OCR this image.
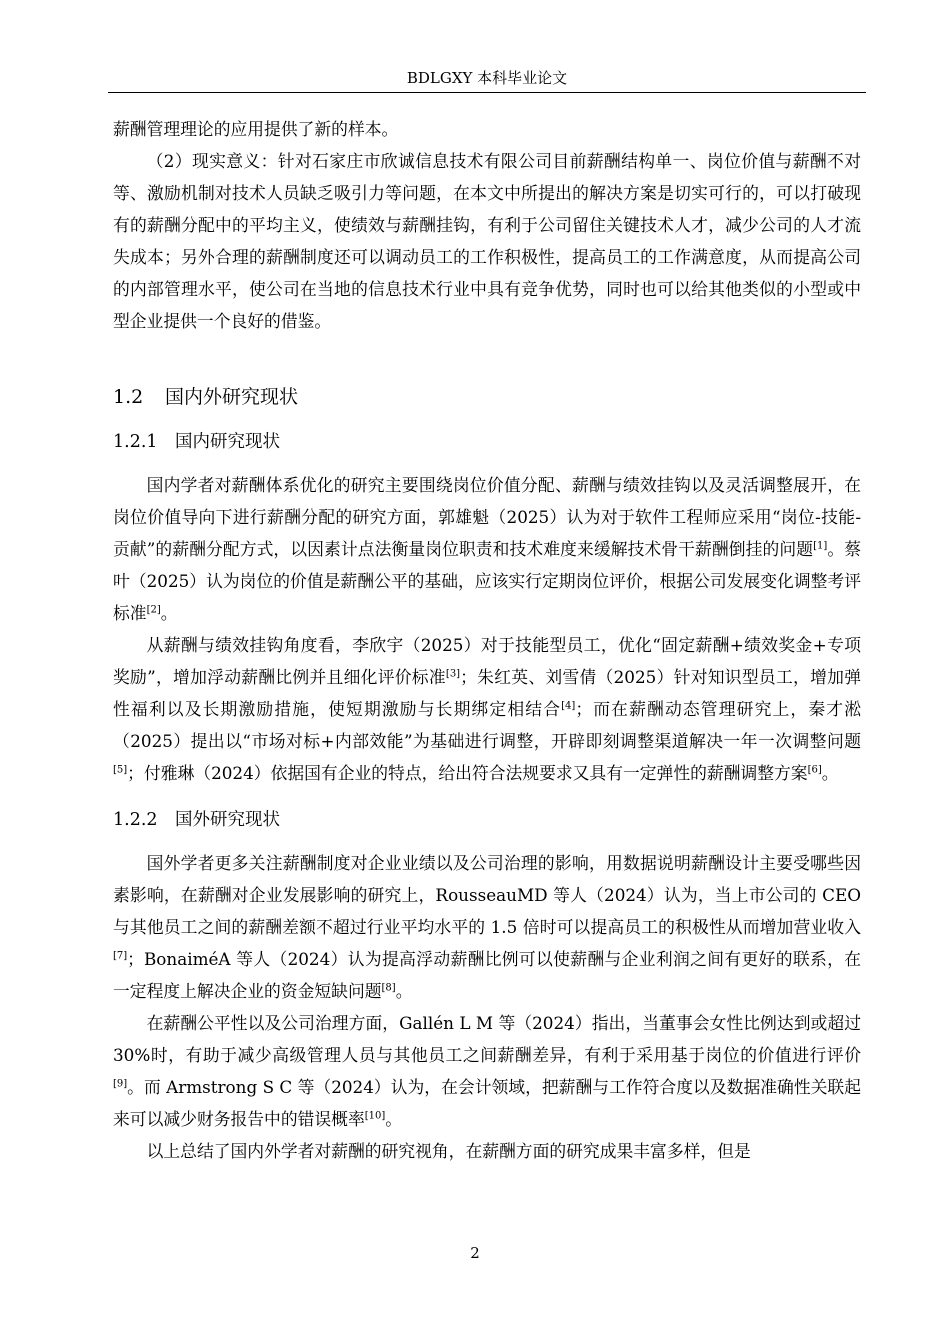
BDLGXY 本科毕业论文

薪酬管理理论的应用提供了新的样本。

（2）现实意义：针对石家庄市欣诚信息技术有限公司目前薪酬结构单一、岗位价值与薪酬不对等、激励机制对技术人员缺乏吸引力等问题，在本文中所提出的解决方案是切实可行的，可以打破现有的薪酬分配中的平均主义，使绩效与薪酬挂钩，有利于公司留住关键技术人才，减少公司的人才流失成本；另外合理的薪酬制度还可以调动员工的工作积极性，提高员工的工作满意度，从而提高公司的内部管理水平，使公司在当地的信息技术行业中具有竞争优势，同时也可以给其他类似的小型或中型企业提供一个良好的借鉴。

1.2 国内外研究现状
1.2.1 国内研究现状

国内学者对薪酬体系优化的研究主要围绕岗位价值分配、薪酬与绩效挂钩以及灵活调整展开，在岗位价值导向下进行薪酬分配的研究方面，郭雄魁（2025）认为对于软件工程师应采用“岗位-技能-贡献”的薪酬分配方式，以因素计点法衡量岗位职责和技术难度来缓解技术骨干薪酬倒挂的问题[1]。蔡叶（2025）认为岗位的价值是薪酬公平的基础，应该实行定期岗位评价，根据公司发展变化调整考评标准[2]。

从薪酬与绩效挂钩角度看，李欣宇（2025）对于技能型员工，优化“固定薪酬+绩效奖金+专项奖励”，增加浮动薪酬比例并且细化评价标准[3]；朱红英、刘雪倩（2025）针对知识型员工，增加弹性福利以及长期激励措施，使短期激励与长期绑定相结合[4]；而在薪酬动态管理研究上，秦才淞（2025）提出以“市场对标+内部效能”为基础进行调整，开辟即刻调整渠道解决一年一次调整问题[5]；付雅琳（2024）依据国有企业的特点，给出符合法规要求又具有一定弹性的薪酬调整方案[6]。

1.2.2 国外研究现状

国外学者更多关注薪酬制度对企业业绩以及公司治理的影响，用数据说明薪酬设计主要受哪些因素影响，在薪酬对企业发展影响的研究上，RousseauMD 等人（2024）认为，当上市公司的 CEO 与其他员工之间的薪酬差额不超过行业平均水平的 1.5 倍时可以提高员工的积极性从而增加营业收入[7]；BonaiméA 等人（2024）认为提高浮动薪酬比例可以使薪酬与企业利润之间有更好的联系，在一定程度上解决企业的资金短缺问题[8]。

在薪酬公平性以及公司治理方面，Gallén L M 等（2024）指出，当董事会女性比例达到或超过 30%时，有助于减少高级管理人员与其他员工之间薪酬差异，有利于采用基于岗位的价值进行评价[9]。而 Armstrong S C 等（2024）认为，在会计领域，把薪酬与工作符合度以及数据准确性关联起来可以减少财务报告中的错误概率[10]。

以上总结了国内外学者对薪酬的研究视角，在薪酬方面的研究成果丰富多样，但是

2
